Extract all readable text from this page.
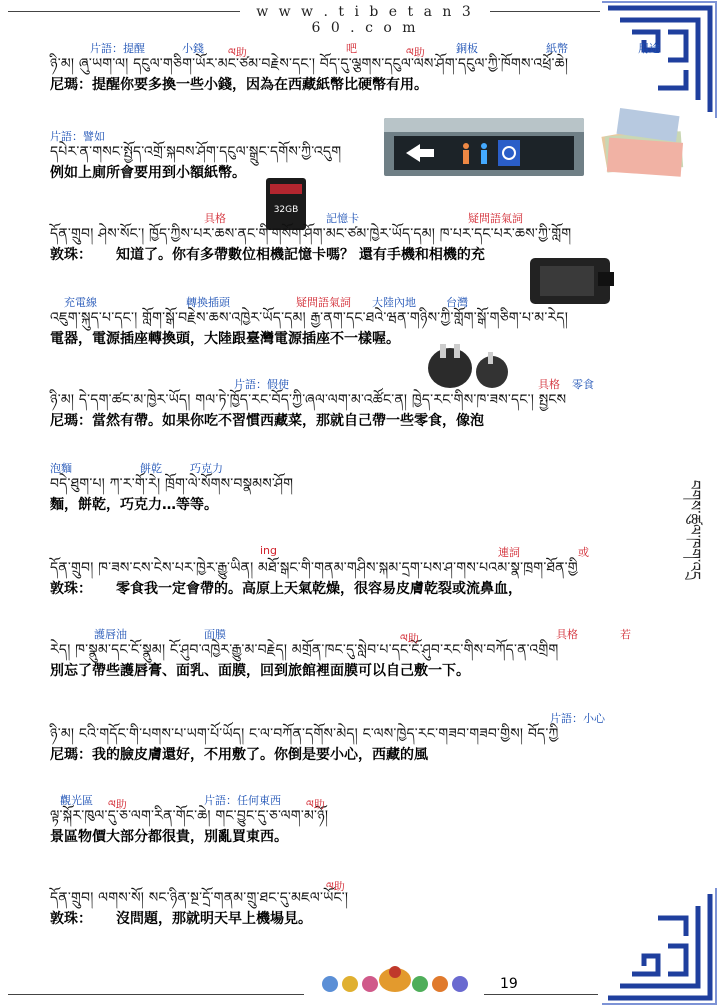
w w w . t i b e t a n 3 6 0 . c o m
བགས་ཚུལ་ཁག་འདྲ
32GB
片語：提醒	小錢 ལ助	吧	ལ助	銅板	紙幣	用途
ཉི་མ། ཞུ་ཡག་ལ། དངུལ་གཅིག་ཡོར་མང་ཙམ་བརྗེས་དང་། བོད་དུ་ལྕགས་དངུལ་ལས་ཤོག་དངུལ་ཀྱི་ཁོགས་འཕྲོ་ཆེ།
尼瑪：提醒你要多換一些小錢，因為在西藏紙幣比硬幣有用。
片語：譬如
དཔེར་ན་གསང་སྤྱོད་འགྲོ་སྐབས་ཤོག་དངུལ་སྒྲུང་དགོས་ཀྱི་འདུག
例如上廁所會要用到小額紙幣。
具格	記憶卡	疑問語氣詞
དོན་གྲུབ། ཤེས་སོང་། ཁྱོད་ཀྱིས་པར་ཆས་ནང་གི་གསོག་ཤོག་མང་ཙམ་ཁྱེར་ཡོད་དམ། ཁ་པར་དང་པར་ཆས་ཀྱི་གློག
敦珠： 知道了。你有多帶數位相機記憶卡嗎？ 還有手機和相機的充
充電線	轉換插頭	疑問語氣詞 大陸內地	台灣
འཇུག་སྐུད་པ་དང་། གློག་སྒོ་བརྗེས་ཆས་འཁྱེར་ཡོད་དམ། རྒྱ་ནག་དང་ཐའེ་ཝན་གཉིས་ཀྱི་གློག་སྒོ་གཅིག་པ་མ་རེད།
電器，電源插座轉換頭，大陸跟臺灣電源插座不一樣喔。
片語：假使	具格 零食
ཉི་མ། དེ་དག་ཚང་མ་ཁྱེར་ཡོད། གལ་ཏེ་ཁྱོད་རང་བོད་ཀྱི་ཞལ་ལག་མ་འཚོང་ན། ཁྱེད་རང་གིས་ཁ་ཟས་དང་། སྤྱངས
尼瑪：當然有帶。如果你吃不習慣西藏菜，那就自己帶一些零食，像泡
泡麵	餅乾	巧克力
བདེ་ཐུག་པ། ཀ་ར་གོ་རེ། ཁྲོག་ལེ་སོགས་བསྣམས་ཤོག
麵，餅乾，巧克力…等等。
ing	連詞	或
དོན་གྲུབ། ཁ་ཟས་ངས་ངེས་པར་ཁྱེར་རྒྱུ་ཡིན། མཐོ་སྒང་གི་གནམ་གཤིས་སྐམ་དྲག་པས་ཤ་གས་པའམ་སྣ་ཁྲག་ཐོན་གྱི
敦珠： 零食我一定會帶的。高原上天氣乾燥，很容易皮膚乾裂或流鼻血，
護唇油	面膜	ལ助	具格	若
རེད། ཁ་སྣུམ་དང་ངོ་སྣུམ། ངོ་ཤུབ་འཁྱེར་རྒྱུ་མ་བརྗེད། མགྲོན་ཁང་དུ་སླེབ་པ་དང་ངོ་ཤུབ་རང་གིས་བཀོད་ན་འགྲིག
別忘了帶些護唇膏、面乳、面膜，回到旅館裡面膜可以自己敷一下。
片語：小心
ཉི་མ། ངའི་གདོང་གི་པགས་པ་ཡག་པོ་ཡོད། ང་ལ་བཀོན་དགོས་མེད། ང་ལས་ཁྱེད་རང་གཟབ་གཟབ་གྱིས། བོད་ཀྱི
尼瑪：我的臉皮膚還好，不用敷了。你倒是要小心，西藏的風
觀光區 ལ助	片語：任何東西 ལ助
ལྟ་སྐོར་ཁུལ་དུ་ཅ་ལག་རིན་གོང་ཆེ། གང་བྱུང་དུ་ཅ་ལག་མ་ཉོ།
景區物價大部分都很貴，別亂買東西。
ལ助
དོན་གྲུབ། ལགས་སོ། སང་ཉིན་སྔ་དྲོ་གནམ་གྲུ་ཐང་དུ་མཇལ་ཡོང་།
敦珠： 沒問題，那就明天早上機場見。
19
